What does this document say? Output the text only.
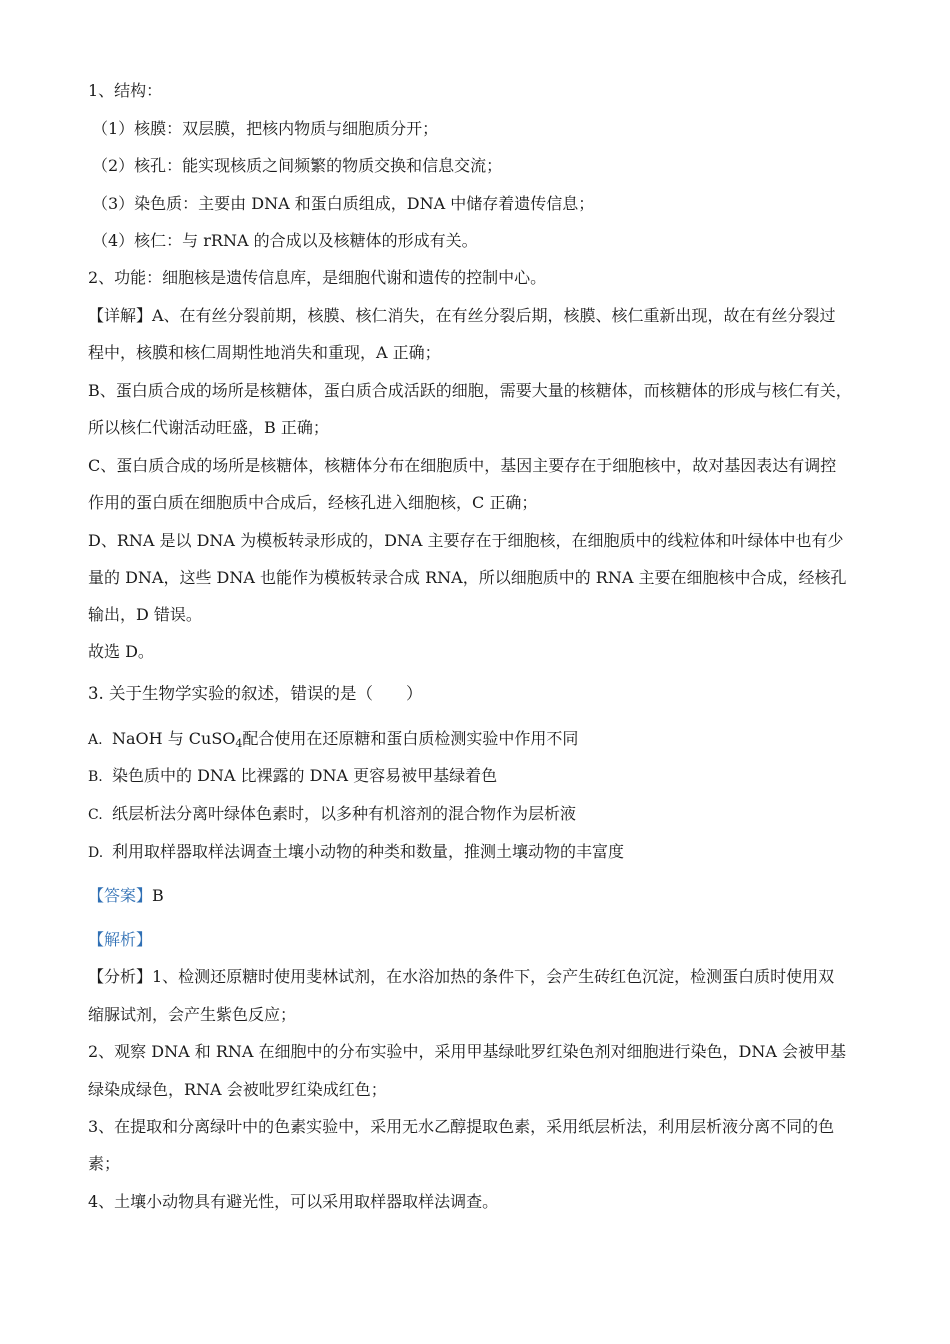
1、结构：
（1）核膜：双层膜，把核内物质与细胞质分开；
（2）核孔：能实现核质之间频繁的物质交换和信息交流；
（3）染色质：主要由 DNA 和蛋白质组成，DNA 中储存着遗传信息；
（4）核仁：与 rRNA 的合成以及核糖体的形成有关。
2、功能：细胞核是遗传信息库，是细胞代谢和遗传的控制中心。
【详解】A、在有丝分裂前期，核膜、核仁消失，在有丝分裂后期，核膜、核仁重新出现，故在有丝分裂过
程中，核膜和核仁周期性地消失和重现，A 正确；
B、蛋白质合成的场所是核糖体，蛋白质合成活跃的细胞，需要大量的核糖体，而核糖体的形成与核仁有关，
所以核仁代谢活动旺盛，B 正确；
C、蛋白质合成的场所是核糖体，核糖体分布在细胞质中，基因主要存在于细胞核中，故对基因表达有调控
作用的蛋白质在细胞质中合成后，经核孔进入细胞核，C 正确；
D、RNA 是以 DNA 为模板转录形成的，DNA 主要存在于细胞核，在细胞质中的线粒体和叶绿体中也有少
量的 DNA，这些 DNA 也能作为模板转录合成 RNA，所以细胞质中的 RNA 主要在细胞核中合成，经核孔
输出，D 错误。
故选 D。
3. 关于生物学实验的叙述，错误的是（　　）
A. NaOH 与 CuSO$_4$配合使用在还原糖和蛋白质检测实验中作用不同
B. 染色质中的 DNA 比裸露的 DNA 更容易被甲基绿着色
C. 纸层析法分离叶绿体色素时，以多种有机溶剂的混合物作为层析液
D. 利用取样器取样法调查土壤小动物的种类和数量，推测土壤动物的丰富度
【答案】B
【解析】
【分析】1、检测还原糖时使用斐林试剂，在水浴加热的条件下，会产生砖红色沉淀，检测蛋白质时使用双
缩脲试剂，会产生紫色反应；
2、观察 DNA 和 RNA 在细胞中的分布实验中，采用甲基绿吡罗红染色剂对细胞进行染色，DNA 会被甲基
绿染成绿色，RNA 会被吡罗红染成红色；
3、在提取和分离绿叶中的色素实验中，采用无水乙醇提取色素，采用纸层析法，利用层析液分离不同的色
素；
4、土壤小动物具有避光性，可以采用取样器取样法调查。
